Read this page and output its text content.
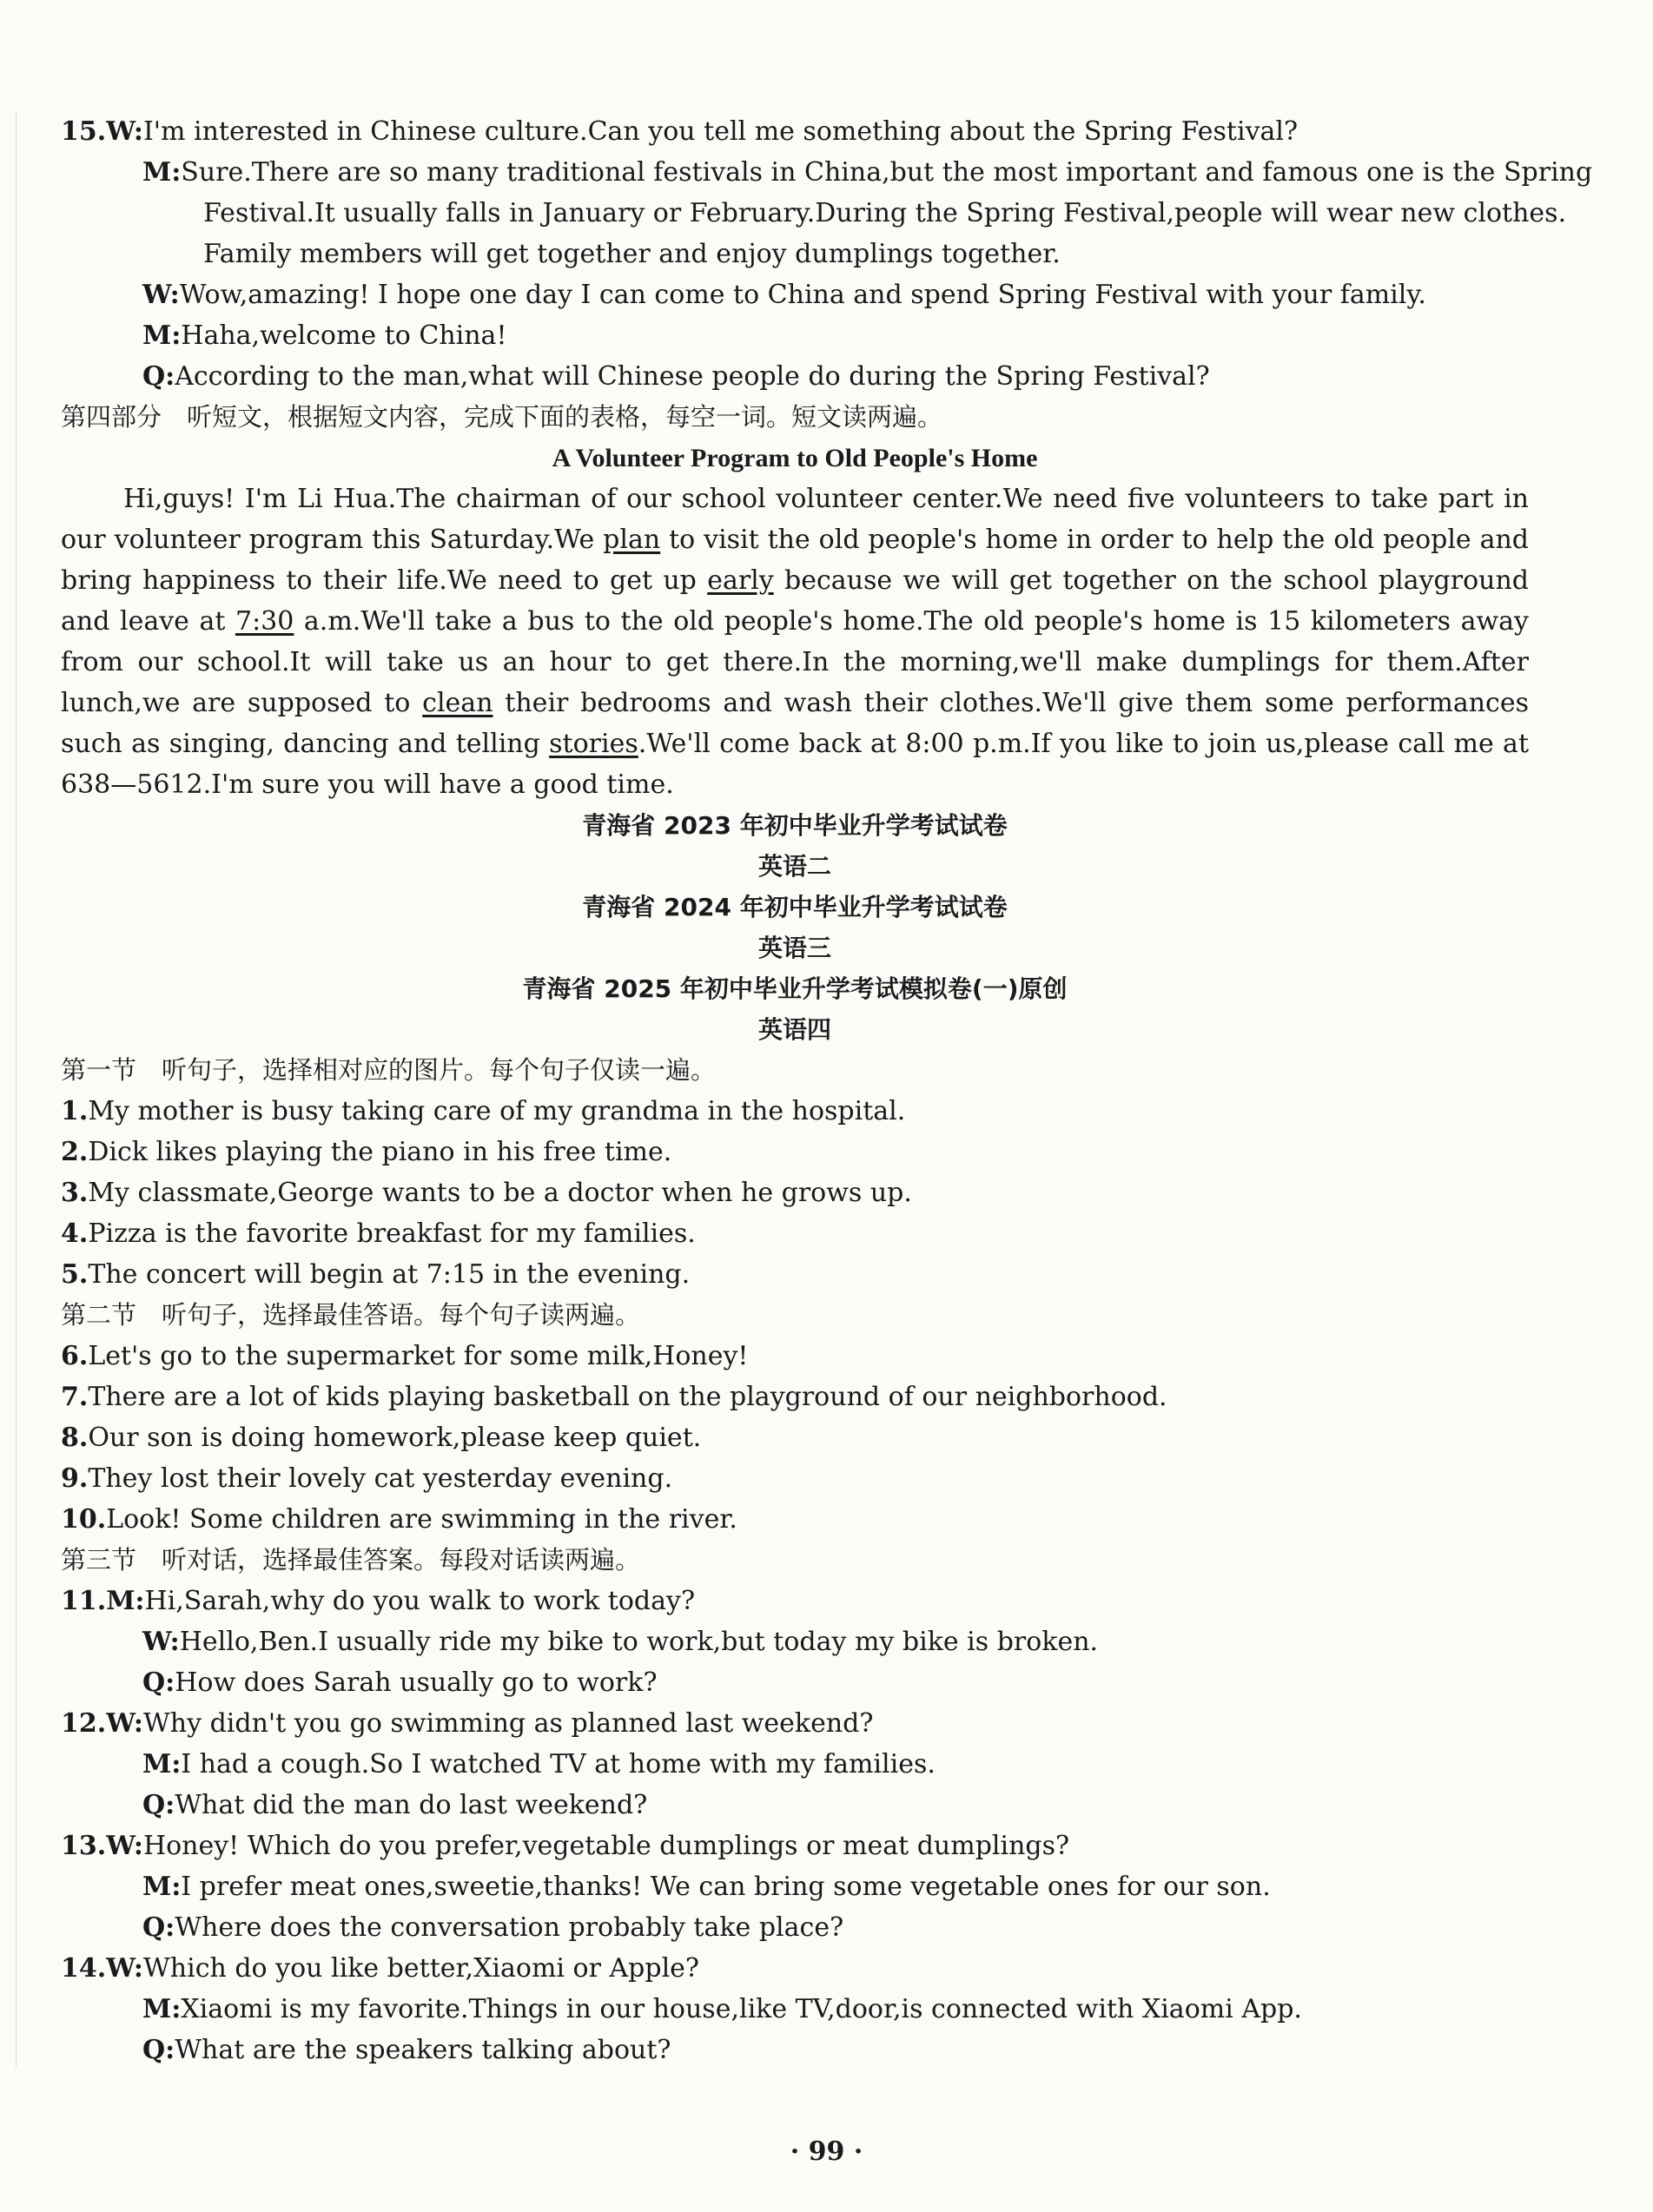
15.W:I'm interested in Chinese culture.Can you tell me something about the Spring Festival?
M:Sure.There are so many traditional festivals in China,but the most important and famous one is the Spring
Festival.It usually falls in January or February.During the Spring Festival,people will wear new clothes.
Family members will get together and enjoy dumplings together.
W:Wow,amazing! I hope one day I can come to China and spend Spring Festival with your family.
M:Haha,welcome to China!
Q:According to the man,what will Chinese people do during the Spring Festival?
第四部分　听短文，根据短文内容，完成下面的表格，每空一词。短文读两遍。
A Volunteer Program to Old People's Home
Hi,guys! I'm Li Hua.The chairman of our school volunteer center.We need five volunteers to take part in our volunteer program this Saturday.We plan to visit the old people's home in order to help the old people and bring happiness to their life.We need to get up early because we will get together on the school playground and leave at 7:30 a.m.We'll take a bus to the old people's home.The old people's home is 15 kilometers away from our school.It will take us an hour to get there.In the morning,we'll make dumplings for them.After lunch,we are supposed to clean their bedrooms and wash their clothes.We'll give them some performances such as singing, dancing and telling stories.We'll come back at 8:00 p.m.If you like to join us,please call me at 638—5612.I'm sure you will have a good time.
青海省 2023 年初中毕业升学考试试卷
英语二
青海省 2024 年初中毕业升学考试试卷
英语三
青海省 2025 年初中毕业升学考试模拟卷(一)原创
英语四
第一节　听句子，选择相对应的图片。每个句子仅读一遍。
1.My mother is busy taking care of my grandma in the hospital.
2.Dick likes playing the piano in his free time.
3.My classmate,George wants to be a doctor when he grows up.
4.Pizza is the favorite breakfast for my families.
5.The concert will begin at 7:15 in the evening.
第二节　听句子，选择最佳答语。每个句子读两遍。
6.Let's go to the supermarket for some milk,Honey!
7.There are a lot of kids playing basketball on the playground of our neighborhood.
8.Our son is doing homework,please keep quiet.
9.They lost their lovely cat yesterday evening.
10.Look! Some children are swimming in the river.
第三节　听对话，选择最佳答案。每段对话读两遍。
11.M:Hi,Sarah,why do you walk to work today?
W:Hello,Ben.I usually ride my bike to work,but today my bike is broken.
Q:How does Sarah usually go to work?
12.W:Why didn't you go swimming as planned last weekend?
M:I had a cough.So I watched TV at home with my families.
Q:What did the man do last weekend?
13.W:Honey! Which do you prefer,vegetable dumplings or meat dumplings?
M:I prefer meat ones,sweetie,thanks! We can bring some vegetable ones for our son.
Q:Where does the conversation probably take place?
14.W:Which do you like better,Xiaomi or Apple?
M:Xiaomi is my favorite.Things in our house,like TV,door,is connected with Xiaomi App.
Q:What are the speakers talking about?
· 99 ·
